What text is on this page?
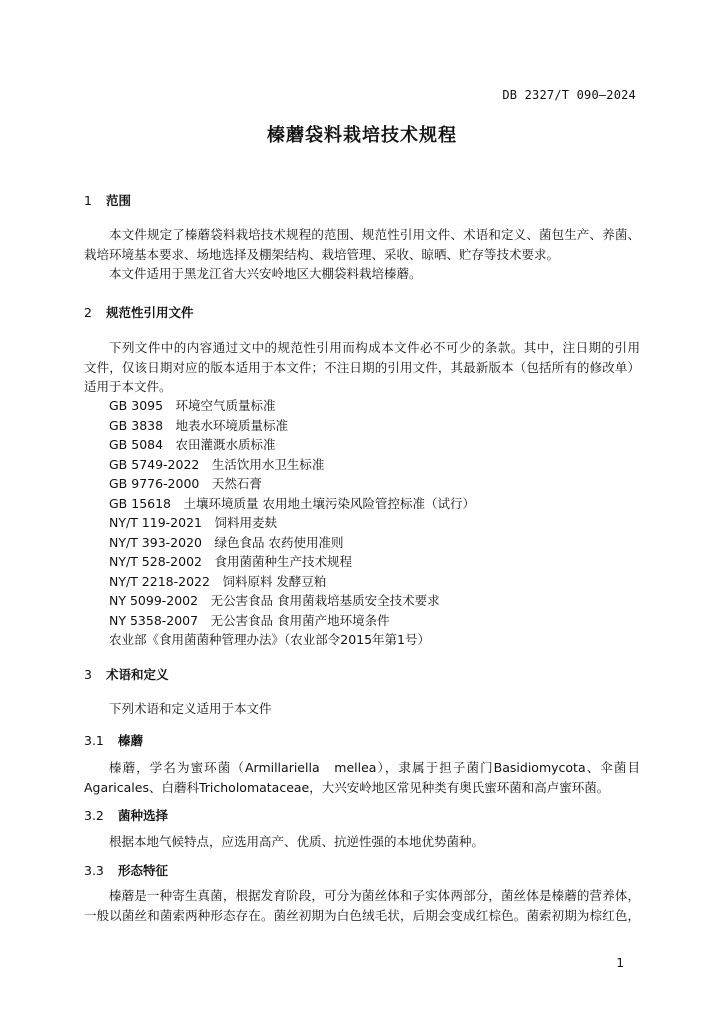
DB 2327/T 090—2024
榛蘑袋料栽培技术规程
1 范围
本文件规定了榛蘑袋料栽培技术规程的范围、规范性引用文件、术语和定义、菌包生产、养菌、
栽培环境基本要求、场地选择及棚架结构、栽培管理、采收、晾晒、贮存等技术要求。
本文件适用于黑龙江省大兴安岭地区大棚袋料栽培榛蘑。
2 规范性引用文件
下列文件中的内容通过文中的规范性引用而构成本文件必不可少的条款。其中，注日期的引用
文件，仅该日期对应的版本适用于本文件；不注日期的引用文件，其最新版本（包括所有的修改单）
适用于本文件。
GB 3095　环境空气质量标准
GB 3838　地表水环境质量标准
GB 5084　农田灌溉水质标准
GB 5749-2022　生活饮用水卫生标准
GB 9776-2000　天然石膏
GB 15618　土壤环境质量 农用地土壤污染风险管控标准（试行）
NY/T 119-2021　饲料用麦麸
NY/T 393-2020　绿色食品 农药使用准则
NY/T 528-2002　食用菌菌种生产技术规程
NY/T 2218-2022　饲料原料 发酵豆粕
NY 5099-2002　无公害食品 食用菌栽培基质安全技术要求
NY 5358-2007　无公害食品 食用菌产地环境条件
农业部《食用菌菌种管理办法》（农业部令2015年第1号）
3 术语和定义
下列术语和定义适用于本文件
3.1 榛蘑
榛蘑，学名为蜜环菌（Armillariella　mellea），隶属于担子菌门Basidiomycota、伞菌目
Agaricales、白蘑科Tricholomataceae，大兴安岭地区常见种类有奥氏蜜环菌和高卢蜜环菌。
3.2 菌种选择
根据本地气候特点，应选用高产、优质、抗逆性强的本地优势菌种。
3.3 形态特征
榛蘑是一种寄生真菌，根据发育阶段，可分为菌丝体和子实体两部分，菌丝体是榛蘑的营养体，
一般以菌丝和菌索两种形态存在。菌丝初期为白色绒毛状，后期会变成红棕色。菌索初期为棕红色，
1
